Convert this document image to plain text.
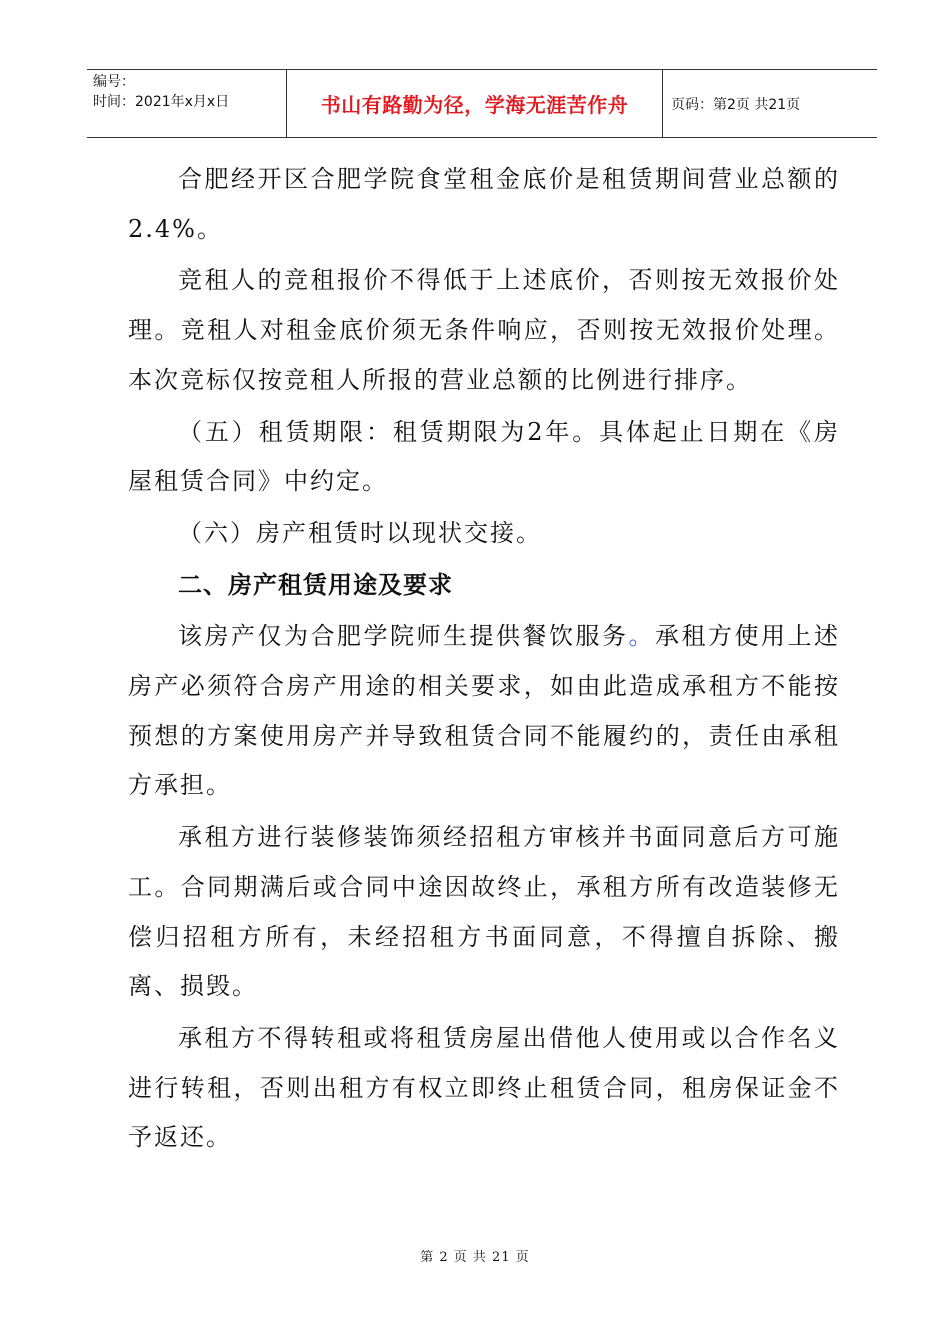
编号：
时间：2021年x月x日	书山有路勤为径，学海无涯苦作舟	页码：第2页 共21页

合肥经开区合肥学院食堂租金底价是租赁期间营业总额的2.4%。

竞租人的竞租报价不得低于上述底价，否则按无效报价处理。竞租人对租金底价须无条件响应，否则按无效报价处理。本次竞标仅按竞租人所报的营业总额的比例进行排序。

（五）租赁期限：租赁期限为2年。具体起止日期在《房屋租赁合同》中约定。

（六）房产租赁时以现状交接。

二、房产租赁用途及要求

该房产仅为合肥学院师生提供餐饮服务。承租方使用上述房产必须符合房产用途的相关要求，如由此造成承租方不能按预想的方案使用房产并导致租赁合同不能履约的，责任由承租方承担。

承租方进行装修装饰须经招租方审核并书面同意后方可施工。合同期满后或合同中途因故终止，承租方所有改造装修无偿归招租方所有，未经招租方书面同意，不得擅自拆除、搬离、损毁。

承租方不得转租或将租赁房屋出借他人使用或以合作名义进行转租，否则出租方有权立即终止租赁合同，租房保证金不予返还。

第 2 页 共 21 页
